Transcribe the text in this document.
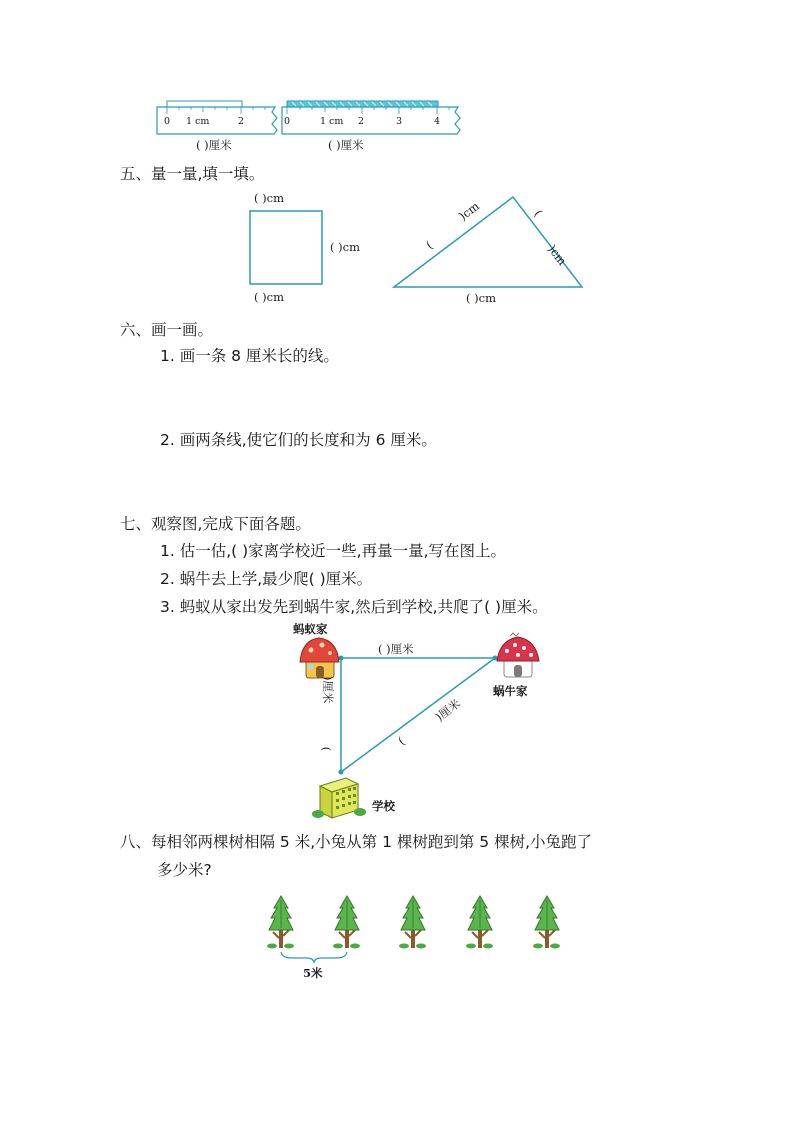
0 1 cm	2	0	1 cm 2	3	4
( )厘米	( )厘米
五、量一量,填一填。
( )cm
( )cm
( )cm
)cm
(
(
)cm
( )cm
六、画一画。
1. 画一条 8 厘米长的线。
2. 画两条线,使它们的长度和为 6 厘米。
七、观察图,完成下面各题。
1. 估一估,( )家离学校近一些,再量一量,写在图上。
2. 蜗牛去上学,最少爬( )厘米。
3. 蚂蚁从家出发先到蜗牛家,然后到学校,共爬了( )厘米。
蚂蚁家
蜗牛家
学校
( )厘米
)厘米
(
)厘米
(
八、每相邻两棵树相隔 5 米,小兔从第 1 棵树跑到第 5 棵树,小兔跑了
多少米?
5米
